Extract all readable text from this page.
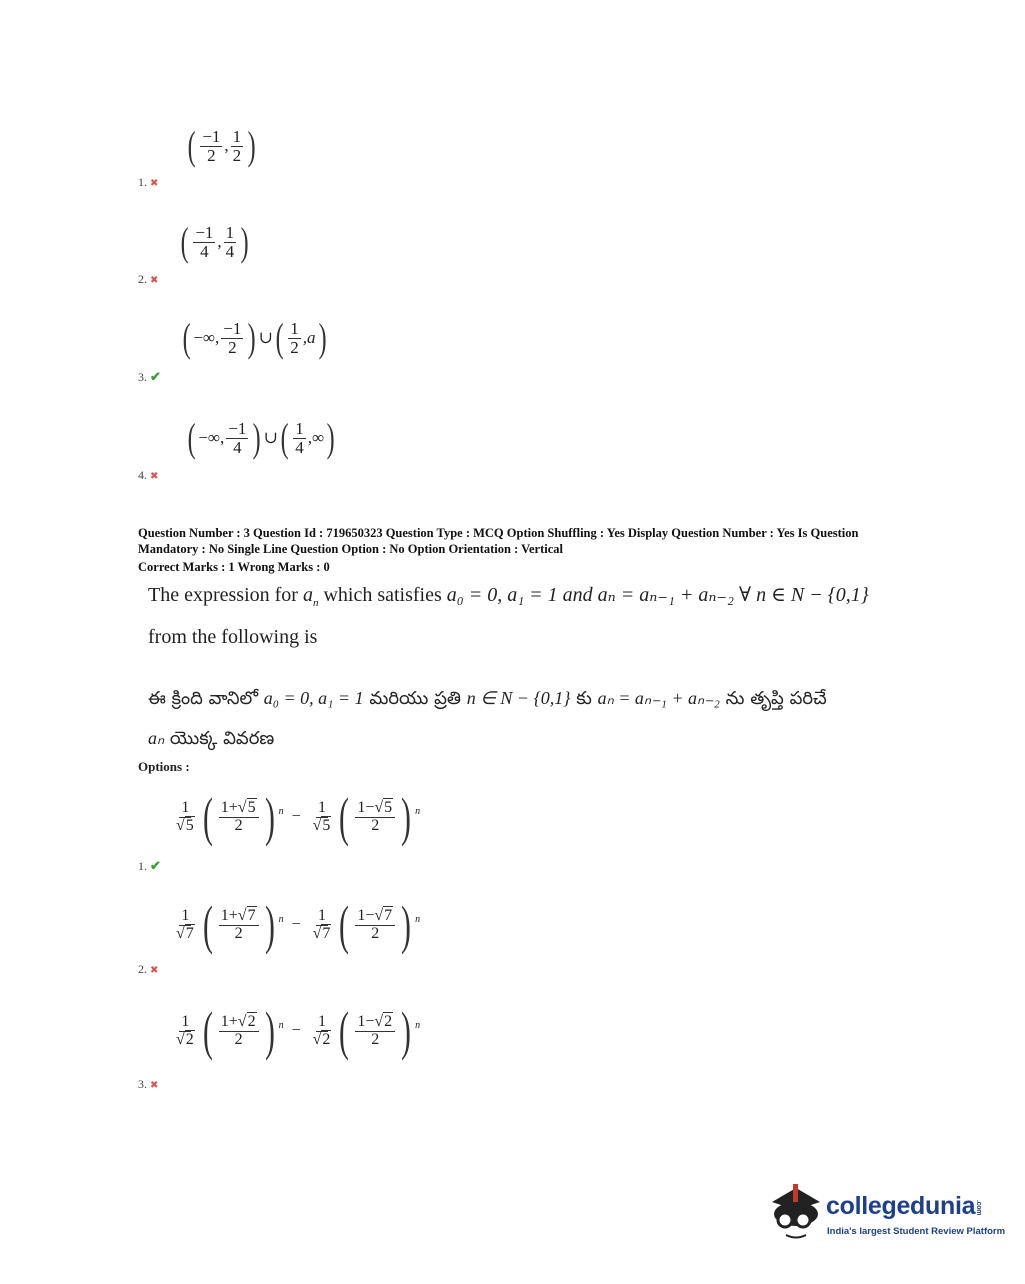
( $\frac{-1}{2}$ , $\frac{1}{2}$ )
1. ✖
( $\frac{-1}{4}$ , $\frac{1}{4}$ )
2. ✖
( −∞, $\frac{-1}{2}$ ) ∪ ( $\frac{1}{2} ,a$ )
3. ✔
( −∞, $\frac{-1}{4}$ ) ∪ ( $\frac{1}{4}$ ,∞ )
4. ✖
Question Number : 3 Question Id : 719650323 Question Type : MCQ Option Shuffling : Yes Display Question Number : Yes Is Question Mandatory : No Single Line Question Option : No Option Orientation : Vertical
Correct Marks : 1 Wrong Marks : 0
The expression for $a_n$ which satisfies a₀ = 0, a₁ = 1 and aₙ = aₙ₋₁ + aₙ₋₂ ∀ n ∈ N − {0,1}
from the following is
ఈ క్రింది వానిలో a₀ = 0, a₁ = 1 మరియు ప్రతి n ∈ N − {0,1} కు aₙ = aₙ₋₁ + aₙ₋₂ ను తృప్తి పరిచే
aₙ యొక్క వివరణ
Options :
$\frac{1}{√5}$ ( $\frac{1+√5}{2}$ ) $n - \frac{1}{√5}$ ( $\frac{1-√5}{2}$ ) n
1. ✔
$\frac{1}{√7}$ ( $\frac{1+√7}{2}$ ) $n - \frac{1}{√7}$ ( $\frac{1-√7}{2}$ ) n
2. ✖
$\frac{1}{√2}$ ( $\frac{1+√2}{2}$ ) $n - \frac{1}{√2}$ ( $\frac{1-√2}{2}$ ) n
3. ✖
collegedunia.com
India's largest Student Review Platform
